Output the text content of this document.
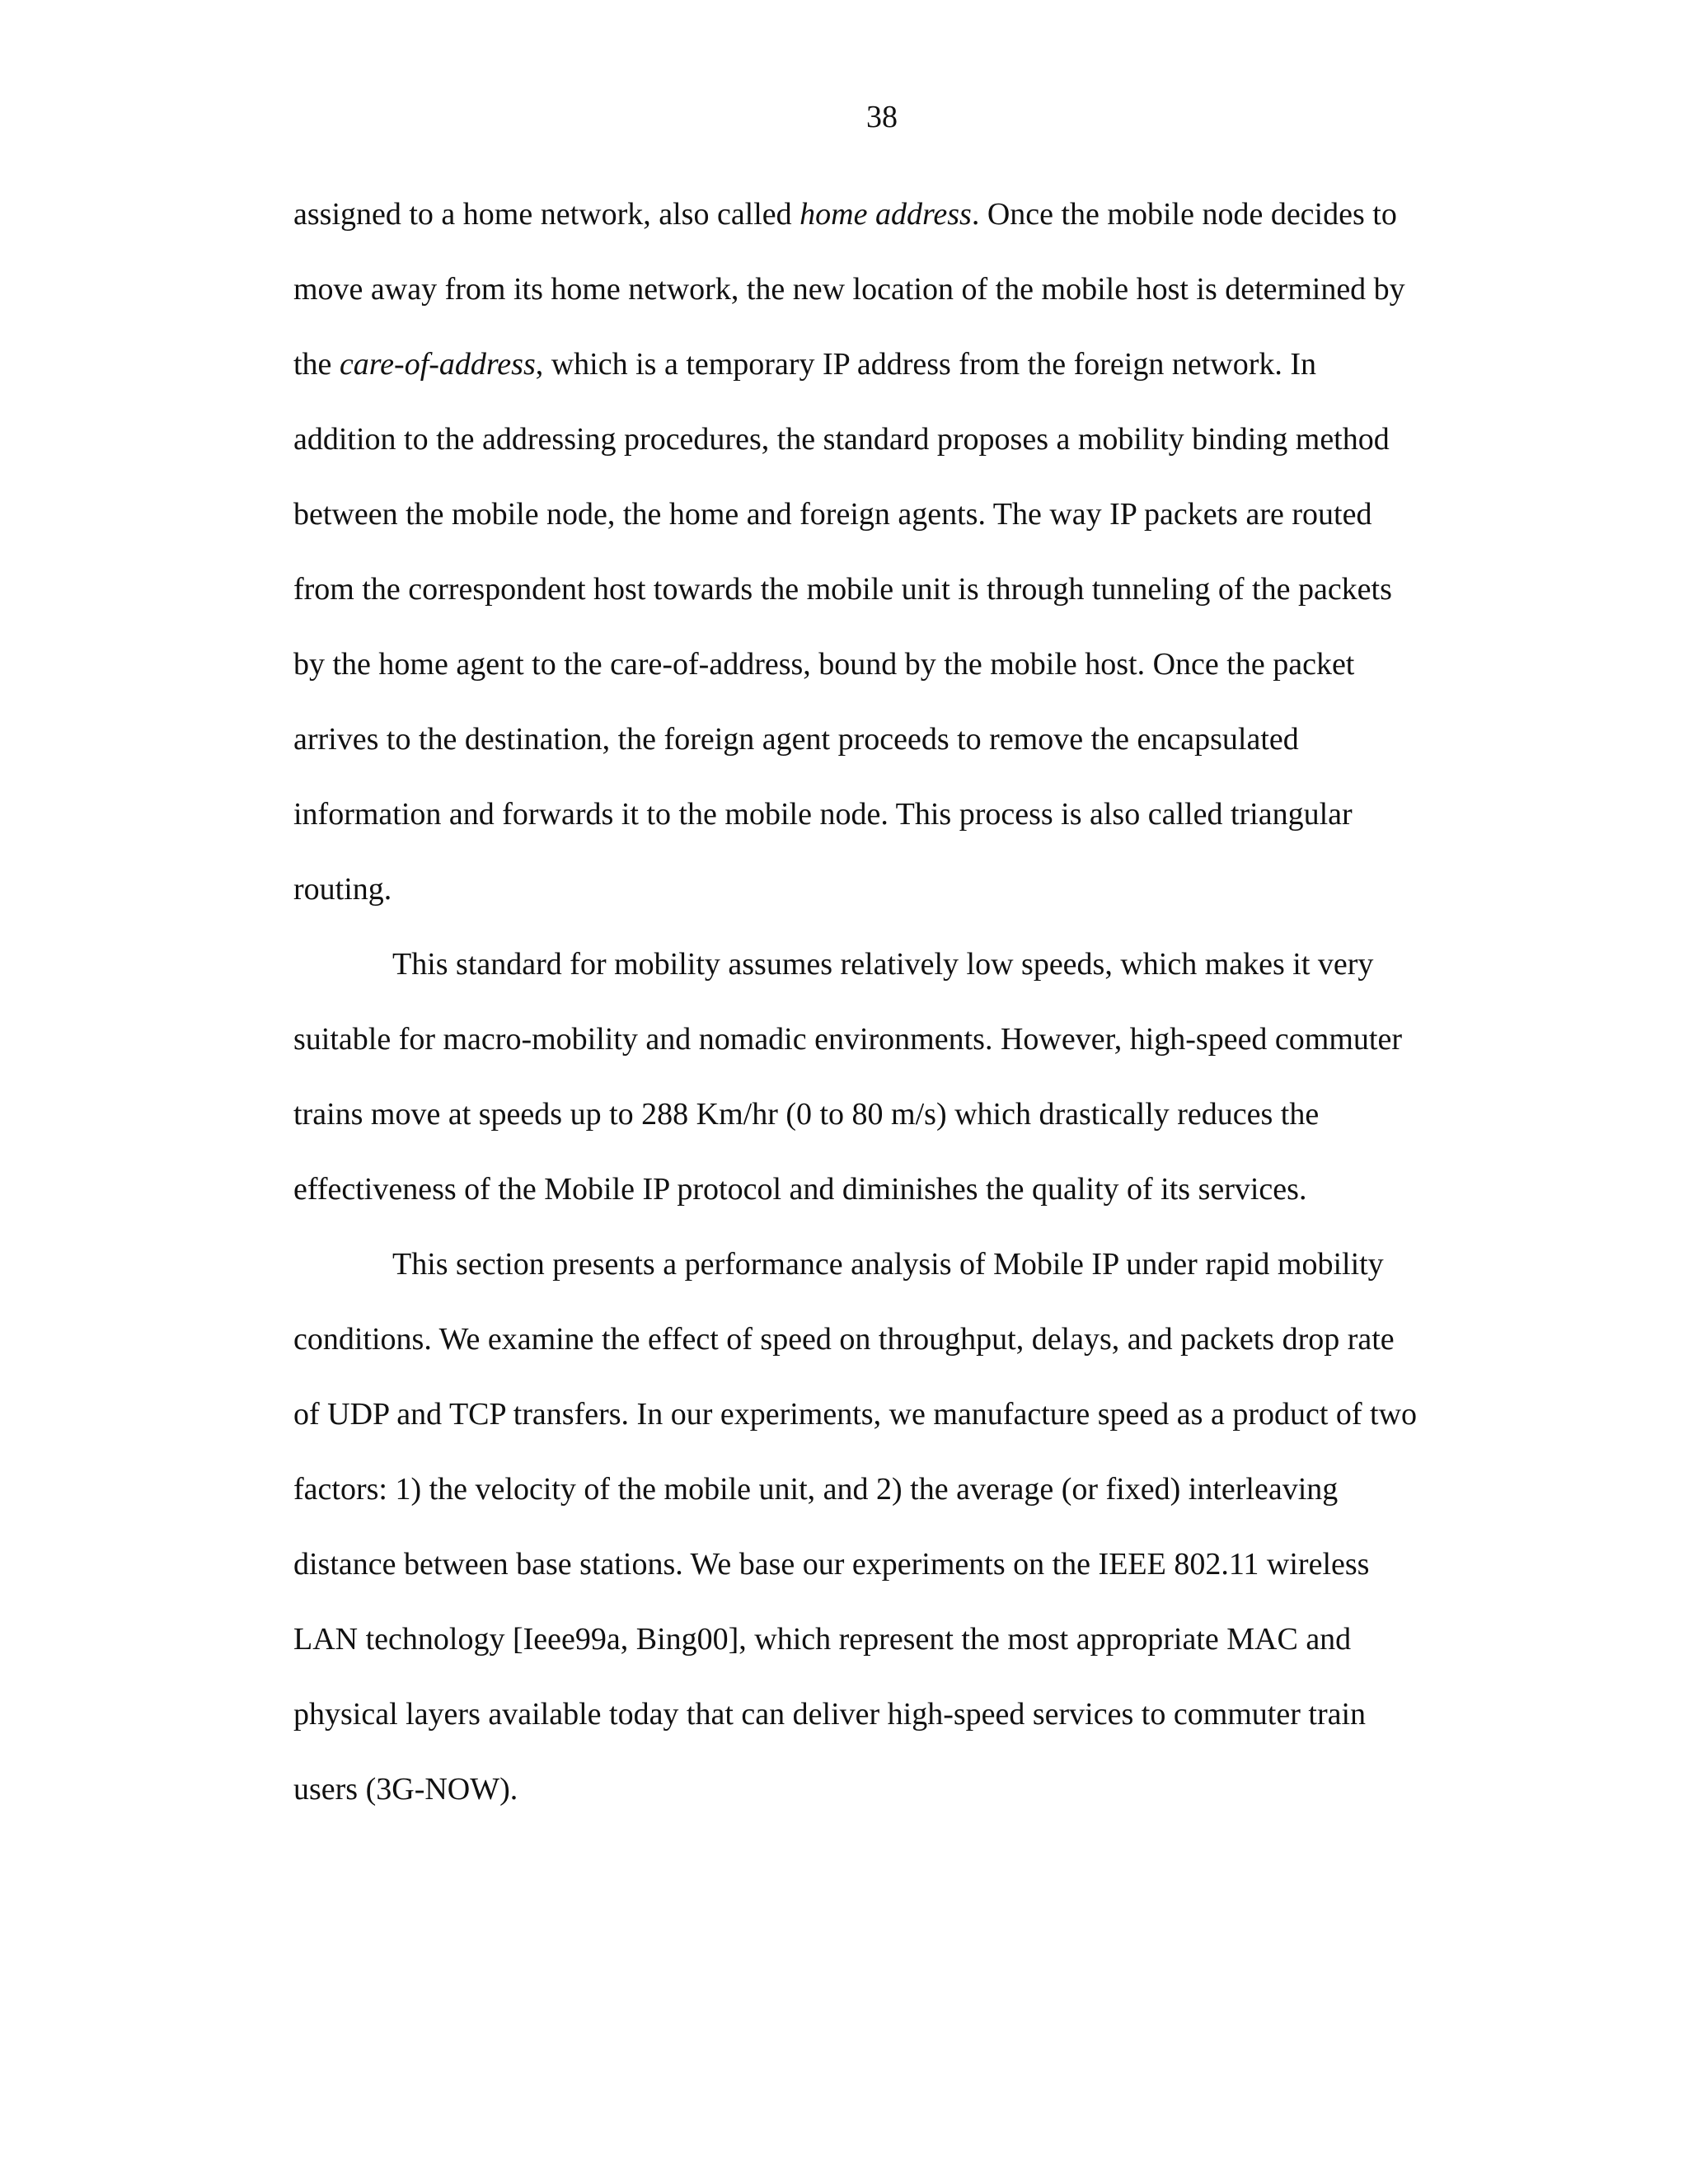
38
assigned to a home network, also called home address. Once the mobile node decides to
move away from its home network, the new location of the mobile host is determined by
the care-of-address, which is a temporary IP address from the foreign network. In
addition to the addressing procedures, the standard proposes a mobility binding method
between the mobile node, the home and foreign agents. The way IP packets are routed
from the correspondent host towards the mobile unit is through tunneling of the packets
by the home agent to the care-of-address, bound by the mobile host. Once the packet
arrives to the destination, the foreign agent proceeds to remove the encapsulated
information and forwards it to the mobile node. This process is also called triangular
routing.
This standard for mobility assumes relatively low speeds, which makes it very
suitable for macro-mobility and nomadic environments. However, high-speed commuter
trains move at speeds up to 288 Km/hr (0 to 80 m/s) which drastically reduces the
effectiveness of the Mobile IP protocol and diminishes the quality of its services.
This section presents a performance analysis of Mobile IP under rapid mobility
conditions. We examine the effect of speed on throughput, delays, and packets drop rate
of UDP and TCP transfers. In our experiments, we manufacture speed as a product of two
factors: 1) the velocity of the mobile unit, and 2) the average (or fixed) interleaving
distance between base stations. We base our experiments on the IEEE 802.11 wireless
LAN technology [Ieee99a, Bing00], which represent the most appropriate MAC and
physical layers available today that can deliver high-speed services to commuter train
users (3G-NOW).
